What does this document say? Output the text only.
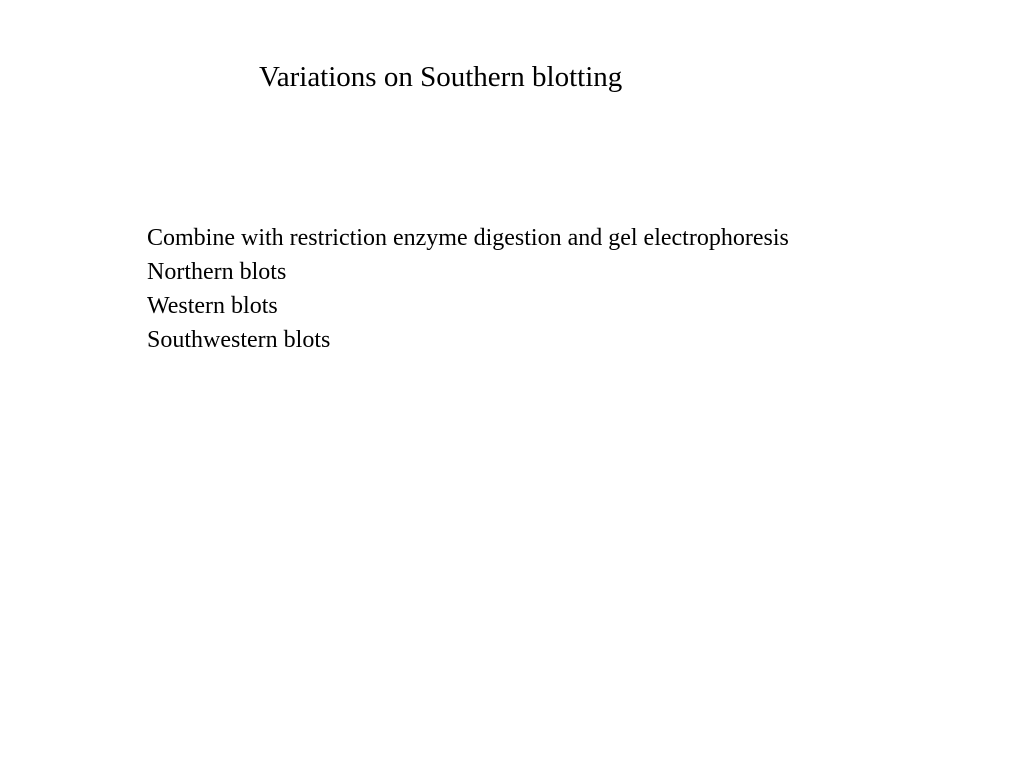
Variations on Southern blotting
Combine with restriction enzyme digestion and gel electrophoresis
Northern blots
Western blots
Southwestern blots
